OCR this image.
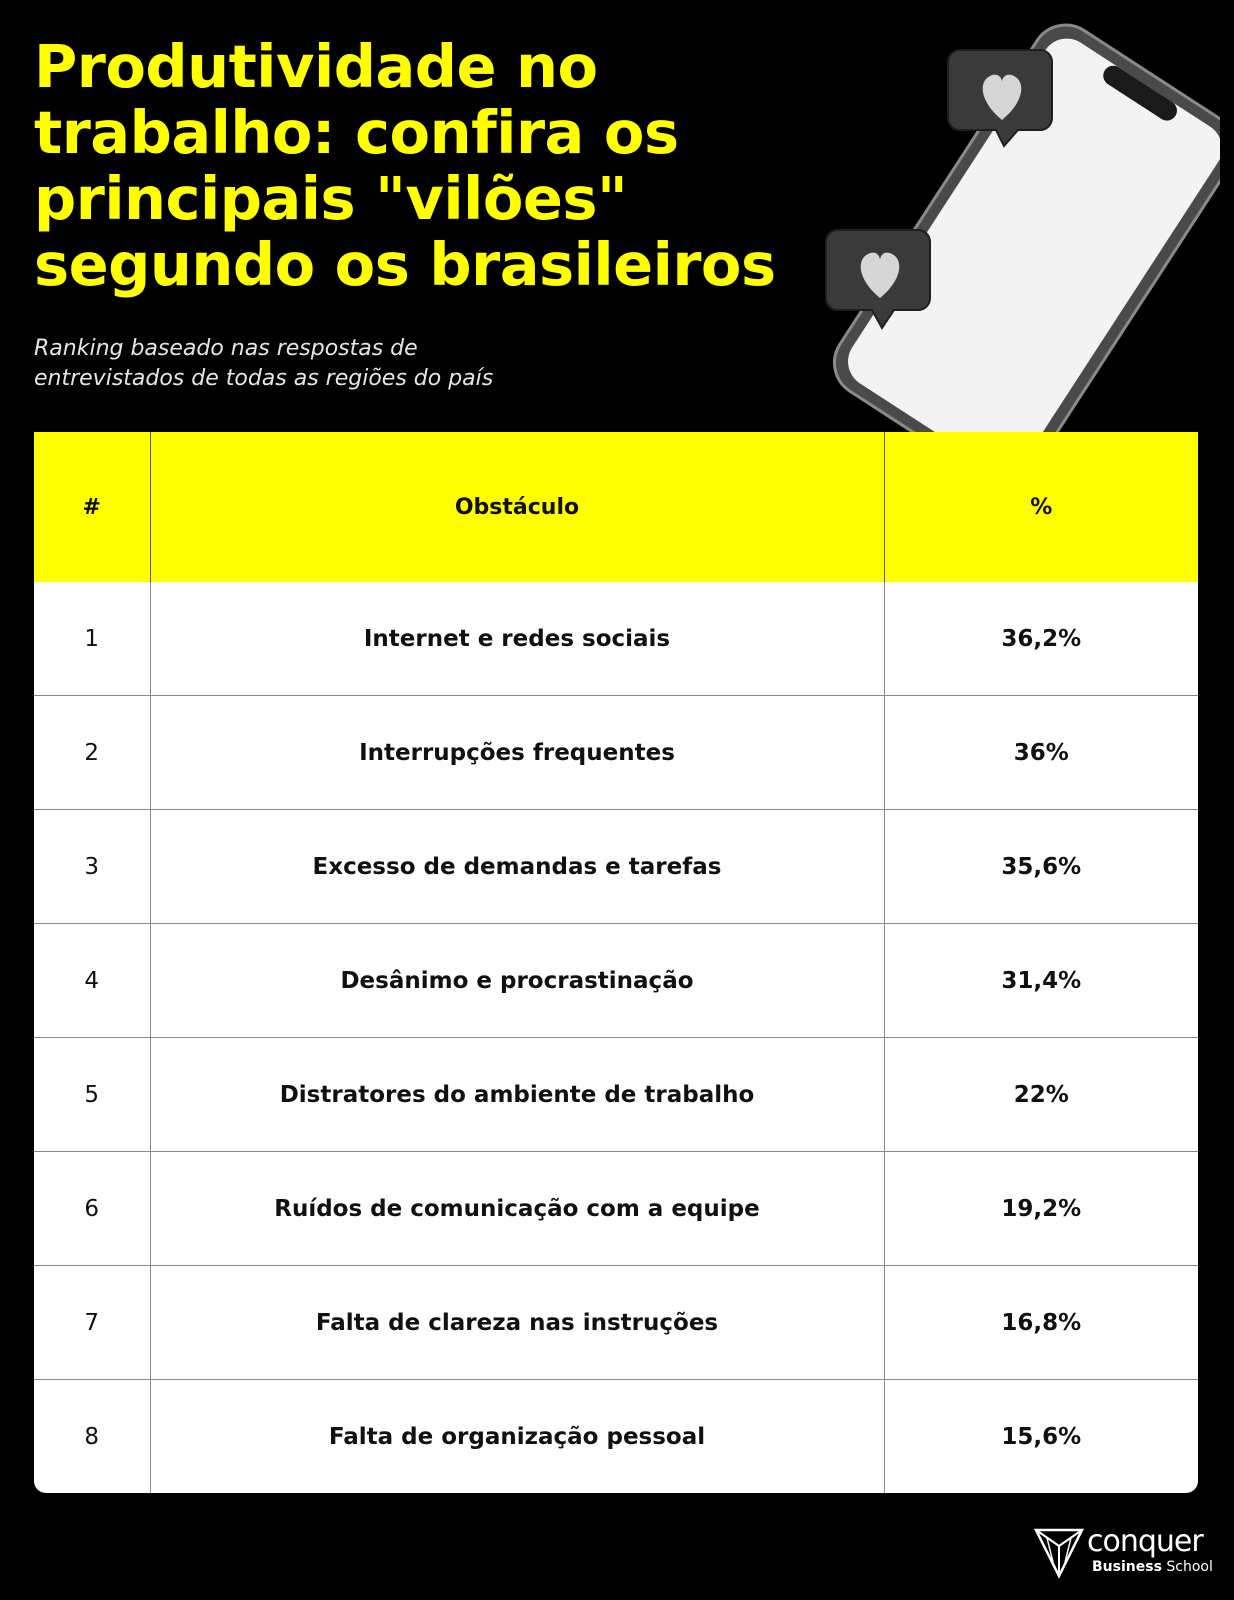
Produtividade no trabalho: confira os principais "vilões" segundo os brasileiros

Ranking baseado nas respostas de entrevistados de todas as regiões do país

#	Obstáculo	%
1	Internet e redes sociais	36,2%
2	Interrupções frequentes	36%
3	Excesso de demandas e tarefas	35,6%
4	Desânimo e procrastinação	31,4%
5	Distratores do ambiente de trabalho	22%
6	Ruídos de comunicação com a equipe	19,2%
7	Falta de clareza nas instruções	16,8%
8	Falta de organização pessoal	15,6%
conquer
Business School
